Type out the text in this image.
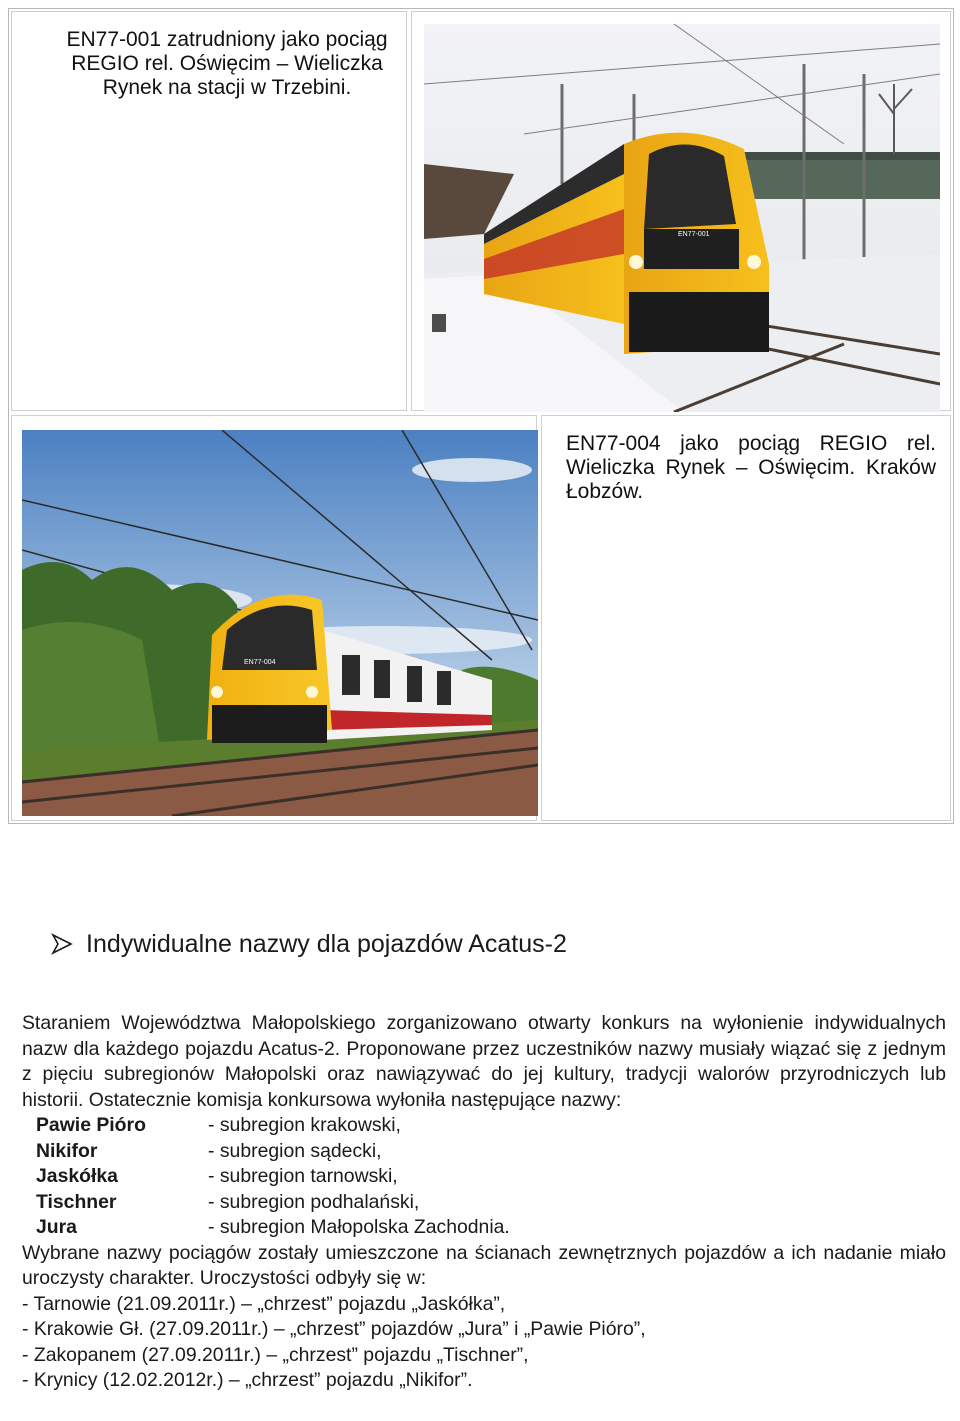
EN77-001 zatrudniony jako pociąg REGIO rel. Oświęcim – Wieliczka Rynek na stacji w Trzebini.
EN77-001
EN77-004
EN77-004 jako pociąg REGIO rel. Wieliczka Rynek – Oświęcim. Kraków Łobzów.
Indywidualne nazwy dla pojazdów Acatus-2

Staraniem Województwa Małopolskiego zorganizowano otwarty konkurs na wyłonienie indywidualnych nazw dla każdego pojazdu Acatus-2. Proponowane przez uczestników nazwy musiały wiązać się z jednym z pięciu subregionów Małopolski oraz nawiązywać do jej kultury, tradycji walorów przyrodniczych lub historii. Ostatecznie komisja konkursowa wyłoniła następujące nazwy:

Pawie Pióro	- subregion krakowski,
Nikifor	- subregion sądecki,
Jaskółka	- subregion tarnowski,
Tischner	- subregion podhalański,
Jura	- subregion Małopolska Zachodnia.

Wybrane nazwy pociągów zostały umieszczone na ścianach zewnętrznych pojazdów a ich nadanie miało uroczysty charakter. Uroczystości odbyły się w:

- Tarnowie (21.09.2011r.) – „chrzest” pojazdu „Jaskółka”,
- Krakowie Gł. (27.09.2011r.) – „chrzest” pojazdów „Jura” i „Pawie Pióro”,
- Zakopanem (27.09.2011r.) – „chrzest” pojazdu „Tischner”,
- Krynicy (12.02.2012r.) – „chrzest” pojazdu „Nikifor”.
